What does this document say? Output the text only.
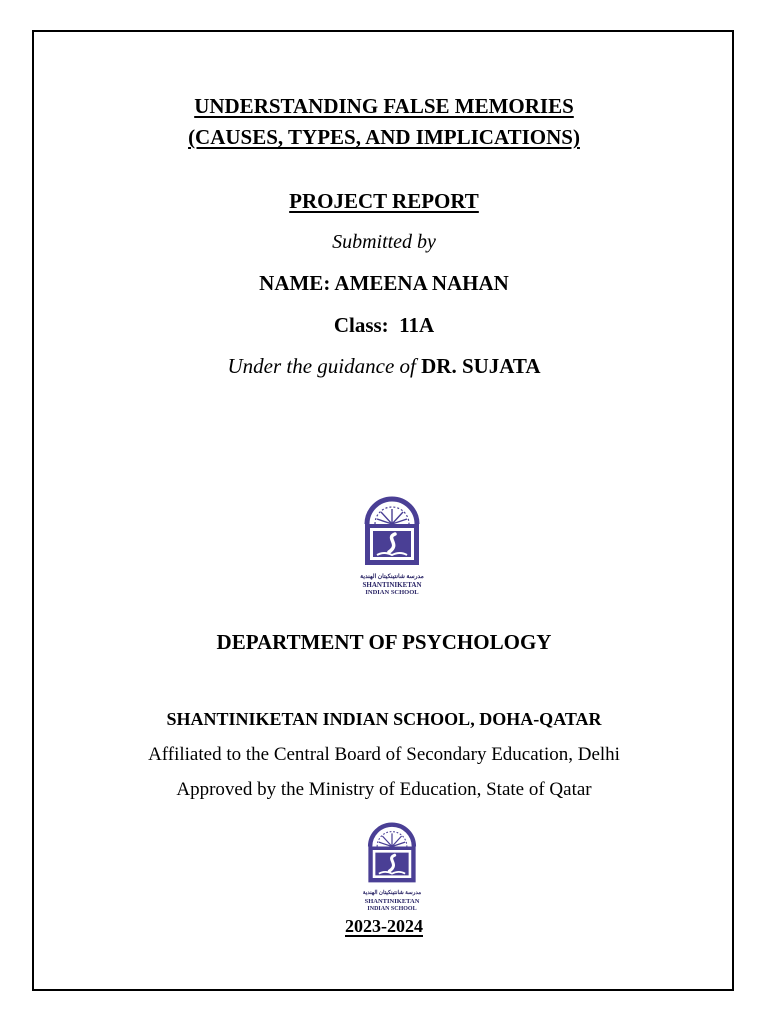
UNDERSTANDING FALSE MEMORIES
(CAUSES, TYPES, AND IMPLICATIONS)
PROJECT REPORT
Submitted by
NAME: AMEENA NAHAN
Class:  11A
Under the guidance of DR. SUJATA
مدرسة شانتينكيتان الهندية
SHANTINIKETAN
INDIAN SCHOOL
DEPARTMENT OF PSYCHOLOGY
SHANTINIKETAN INDIAN SCHOOL, DOHA-QATAR
Affiliated to the Central Board of Secondary Education, Delhi
Approved by the Ministry of Education, State of Qatar
مدرسة شانتينكيتان الهندية
SHANTINIKETAN
INDIAN SCHOOL
2023-2024
